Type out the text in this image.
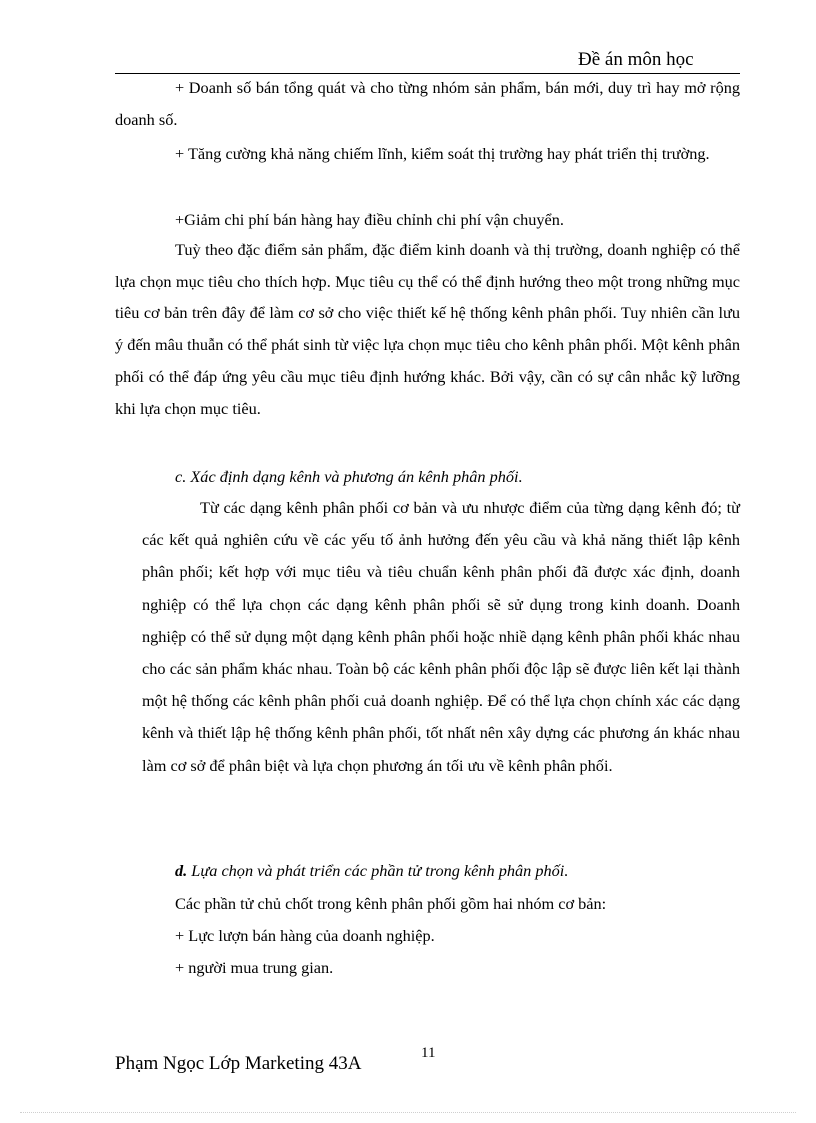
Đề án môn học

+ Doanh số bán tổng quát và cho từng nhóm sản phẩm, bán mới, duy trì hay mở rộng doanh số.

+ Tăng cường khả năng chiếm lĩnh, kiểm soát thị trường hay phát triển thị trường.

+Giảm chi phí bán hàng hay điều chỉnh chi phí vận chuyển.

Tuỳ theo đặc điểm sản phẩm, đặc điểm kinh doanh và thị trường, doanh nghiệp có thể lựa chọn mục tiêu cho thích hợp. Mục tiêu cụ thể có thể định hướng theo một trong những mục tiêu cơ bản trên đây để làm cơ sở cho việc thiết kế hệ thống kênh phân phối. Tuy nhiên cần lưu ý đến mâu thuẫn có thể phát sinh từ việc lựa chọn mục tiêu cho kênh phân phối. Một kênh phân phối có thể đáp ứng yêu cầu mục tiêu định hướng khác. Bởi vậy, cần có sự cân nhắc kỹ lưỡng khi lựa chọn mục tiêu.

c. Xác định dạng kênh và phương án kênh phân phối.

Từ các dạng kênh phân phối cơ bản và ưu nhược điểm của từng dạng kênh đó; từ các kết quả nghiên cứu về các yếu tố ảnh hưởng đến yêu cầu và khả năng thiết lập kênh phân phối; kết hợp với mục tiêu và tiêu chuẩn kênh phân phối đã được xác định, doanh nghiệp có thể lựa chọn các dạng kênh phân phối sẽ sử dụng trong kinh doanh. Doanh nghiệp có thể sử dụng một dạng kênh phân phối hoặc nhiề dạng kênh phân phối khác nhau cho các sản phẩm khác nhau. Toàn bộ các kênh phân phối độc lập sẽ được liên kết lại thành một hệ thống các kênh phân phối cuả doanh nghiệp. Để có thể lựa chọn chính xác các dạng kênh và thiết lập hệ thống kênh phân phối, tốt nhất nên xây dựng các phương án khác nhau làm cơ sở để phân biệt và lựa chọn phương án tối ưu về kênh phân phối.

d. Lựa chọn và phát triển các phần tử trong kênh phân phối.

Các phần tử chủ chốt trong kênh phân phối gồm hai nhóm cơ bản:

+ Lực lượn bán hàng của doanh nghiệp.

+ người mua trung gian.

Phạm Ngọc Lớp Marketing 43A	11
